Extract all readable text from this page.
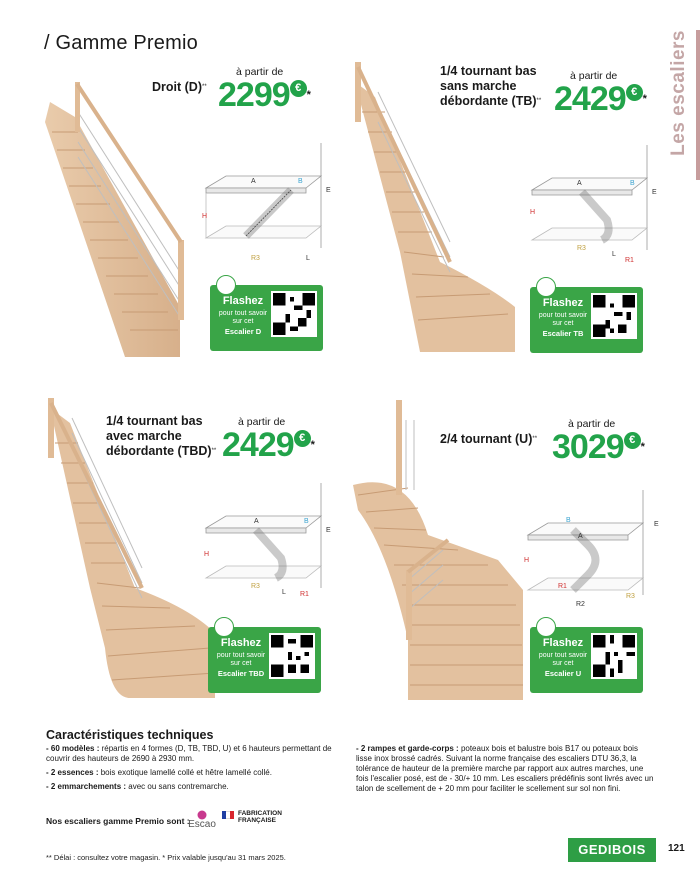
/ Gamme Premio	Les escaliers
Droit (D)**
à partir de
2299 €*
A	B
E
H
R3	L
Flashez
pour tout savoir sur cet
Escalier D
1/4 tournant bas
sans marche
débordante (TB)**
à partir de
2429 €*
A	B
E
H
R3
L
R1
Flashez
pour tout savoir sur cet
Escalier TB
1/4 tournant bas
avec marche
débordante (TBD)**
à partir de
2429 €*
A	B
E
H
R3
L R1
Flashez
pour tout savoir sur cet
Escalier TBD
2/4 tournant (U)**
à partir de
3029 €*
A
B
E
H
R1
R2
R3
Flashez
pour tout savoir sur cet
Escalier U
Caractéristiques techniques
- 60 modèles : répartis en 4 formes (D, TB, TBD, U) et 6 hauteurs permettant de couvrir des hauteurs de 2690 à 2930 mm.
- 2 essences : bois exotique lamellé collé et hêtre lamellé collé.
- 2 emmarchements : avec ou sans contremarche.
- 2 rampes et garde-corps : poteaux bois et balustre bois B17 ou poteaux bois lisse inox brossé cadrés. Suivant la norme française des escaliers DTU 36,3, la tolérance de hauteur de la première marche par rapport aux autres marches, une fois l'escalier posé, est de - 30/+ 10 mm. Les escaliers prédéfinis sont livrés avec un talon de scellement de + 20 mm pour faciliter le scellement sur sol non fini.
Nos escaliers gamme Premio sont :
Escao
FABRICATION
FRANÇAISE
** Délai : consultez votre magasin. * Prix valable jusqu'au 31 mars 2025.
GEDIBOIS	121
